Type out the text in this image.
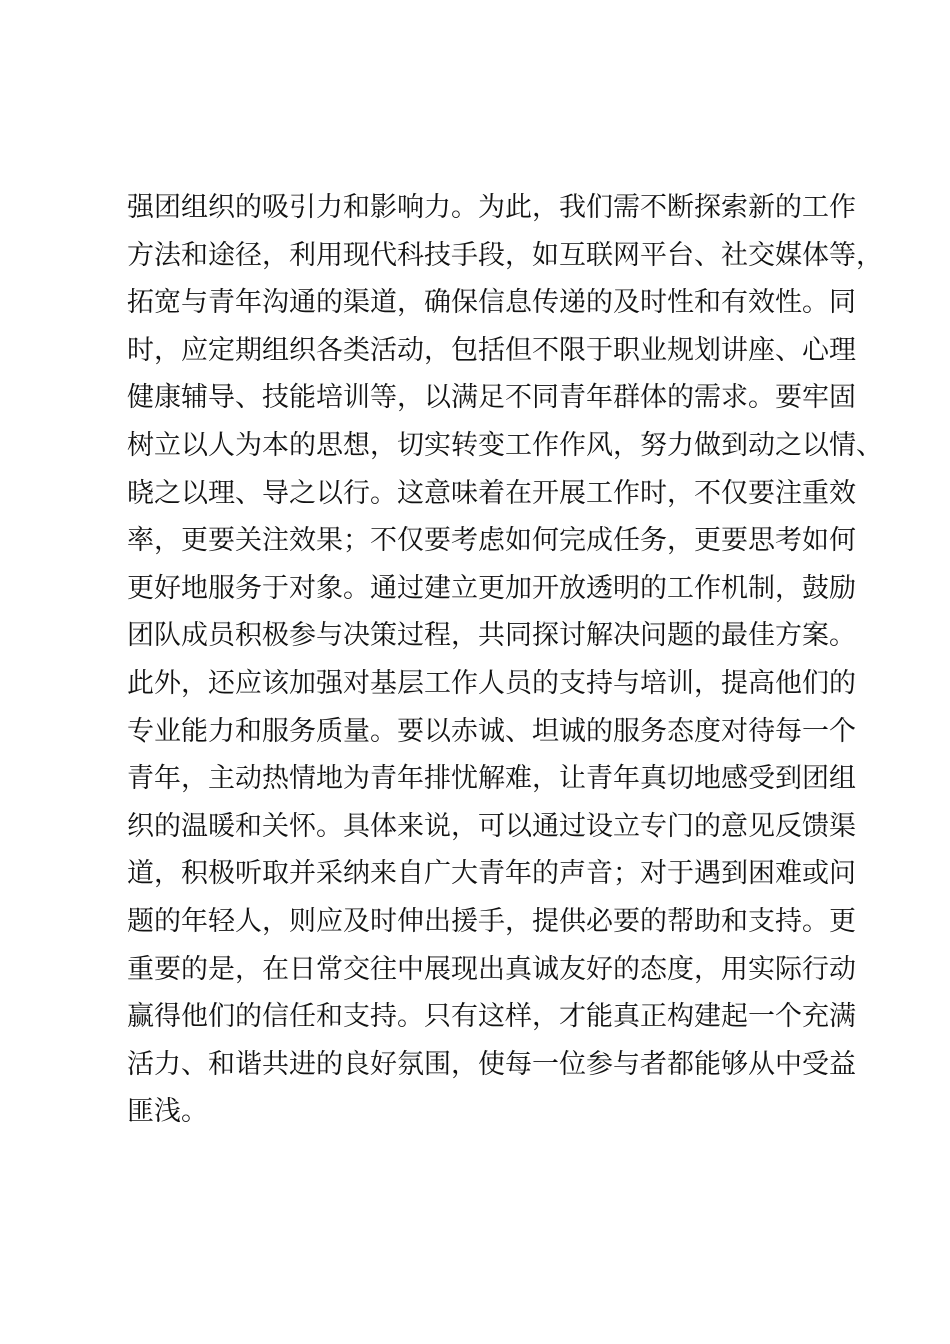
强团组织的吸引力和影响力。为此，我们需不断探索新的工作
方法和途径，利用现代科技手段，如互联网平台、社交媒体等，
拓宽与青年沟通的渠道，确保信息传递的及时性和有效性。同
时，应定期组织各类活动，包括但不限于职业规划讲座、心理
健康辅导、技能培训等，以满足不同青年群体的需求。要牢固
树立以人为本的思想，切实转变工作作风，努力做到动之以情、
晓之以理、导之以行。这意味着在开展工作时，不仅要注重效
率，更要关注效果；不仅要考虑如何完成任务，更要思考如何
更好地服务于对象。通过建立更加开放透明的工作机制，鼓励
团队成员积极参与决策过程，共同探讨解决问题的最佳方案。
此外，还应该加强对基层工作人员的支持与培训，提高他们的
专业能力和服务质量。要以赤诚、坦诚的服务态度对待每一个
青年，主动热情地为青年排忧解难，让青年真切地感受到团组
织的温暖和关怀。具体来说，可以通过设立专门的意见反馈渠
道，积极听取并采纳来自广大青年的声音；对于遇到困难或问
题的年轻人，则应及时伸出援手，提供必要的帮助和支持。更
重要的是，在日常交往中展现出真诚友好的态度，用实际行动
赢得他们的信任和支持。只有这样，才能真正构建起一个充满
活力、和谐共进的良好氛围，使每一位参与者都能够从中受益
匪浅。
